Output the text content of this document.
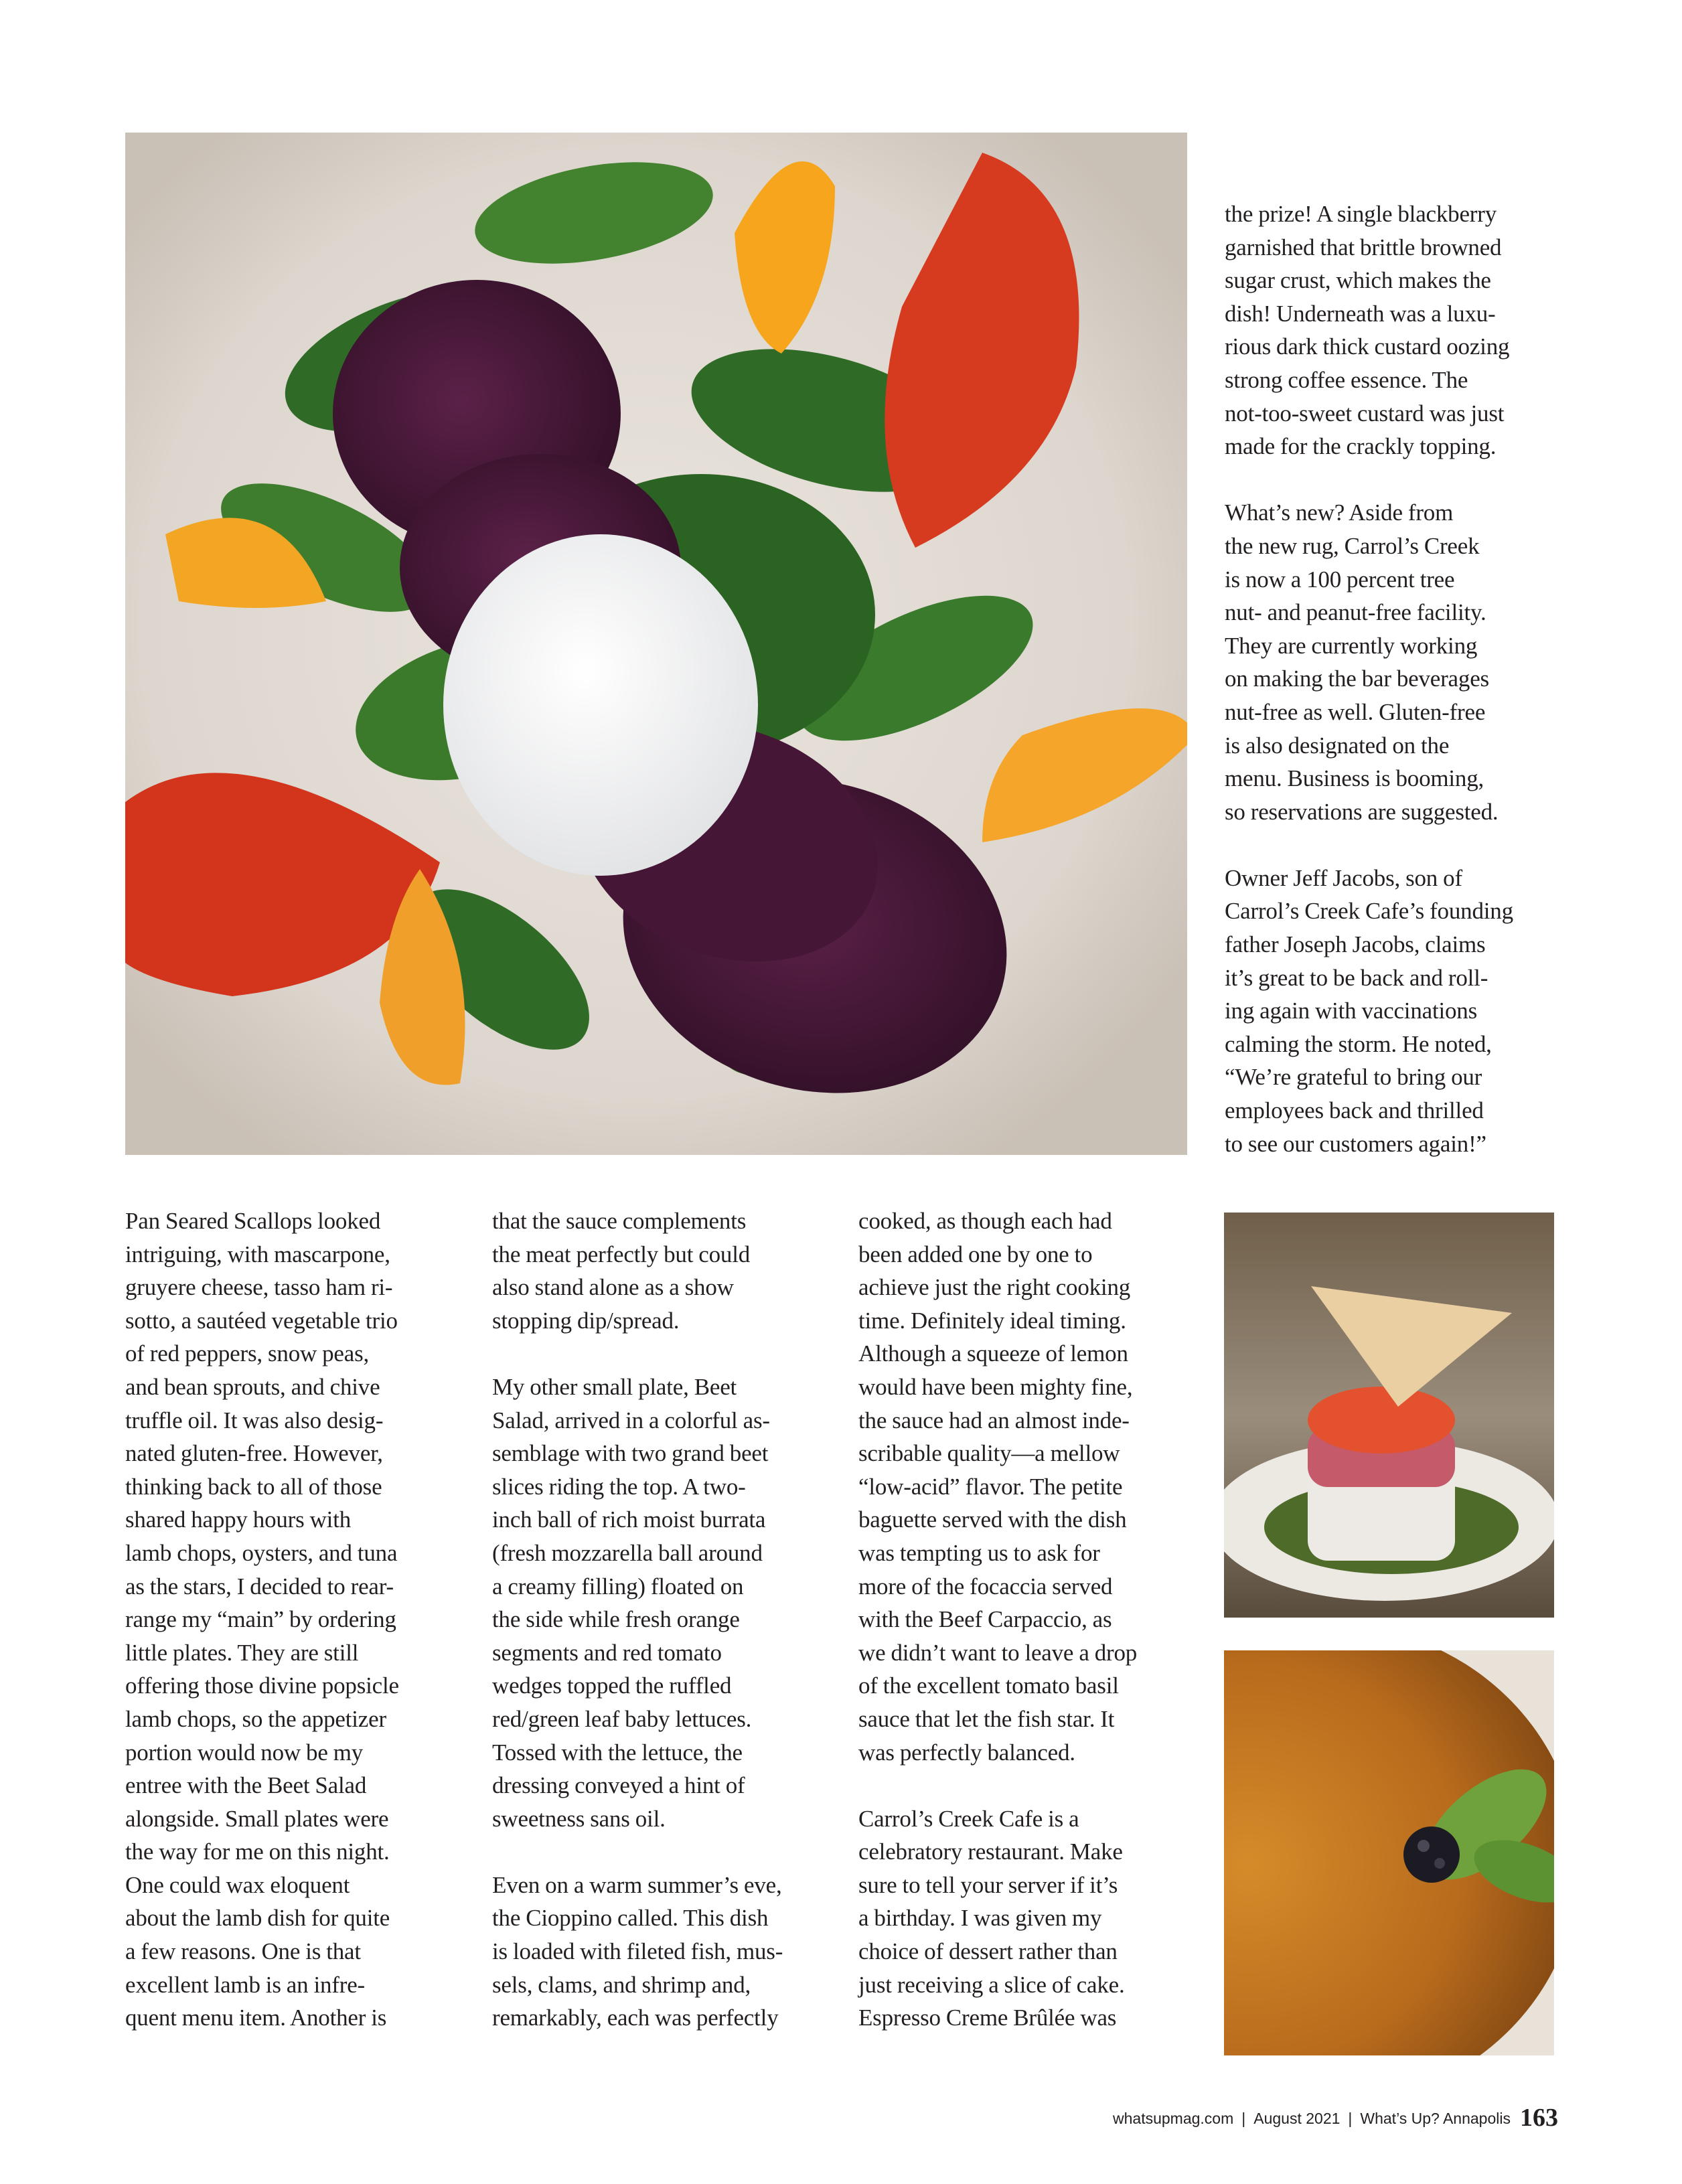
Pan Seared Scallops looked
intriguing, with mascarpone,
gruyere cheese, tasso ham ri-
sotto, a sautéed vegetable trio
of red peppers, snow peas,
and bean sprouts, and chive
truffle oil. It was also desig-
nated gluten-free. However,
thinking back to all of those
shared happy hours with
lamb chops, oysters, and tuna
as the stars, I decided to rear-
range my “main” by ordering
little plates. They are still
offering those divine popsicle
lamb chops, so the appetizer
portion would now be my
entree with the Beet Salad
alongside. Small plates were
the way for me on this night.
One could wax eloquent
about the lamb dish for quite
a few reasons. One is that
excellent lamb is an infre-
quent menu item. Another is

that the sauce complements
the meat perfectly but could
also stand alone as a show
stopping dip/spread.

My other small plate, Beet
Salad, arrived in a colorful as-
semblage with two grand beet
slices riding the top. A two-
inch ball of rich moist burrata
(fresh mozzarella ball around
a creamy filling) floated on
the side while fresh orange
segments and red tomato
wedges topped the ruffled
red/green leaf baby lettuces.
Tossed with the lettuce, the
dressing conveyed a hint of
sweetness sans oil.

Even on a warm summer’s eve,
the Cioppino called. This dish
is loaded with fileted fish, mus-
sels, clams, and shrimp and,
remarkably, each was perfectly

cooked, as though each had
been added one by one to
achieve just the right cooking
time. Definitely ideal timing.
Although a squeeze of lemon
would have been mighty fine,
the sauce had an almost inde-
scribable quality—a mellow
“low-acid” flavor. The petite
baguette served with the dish
was tempting us to ask for
more of the focaccia served
with the Beef Carpaccio, as
we didn’t want to leave a drop
of the excellent tomato basil
sauce that let the fish star. It
was perfectly balanced.

Carrol’s Creek Cafe is a
celebratory restaurant. Make
sure to tell your server if it’s
a birthday. I was given my
choice of dessert rather than
just receiving a slice of cake.
Espresso Creme Brûlée was

the prize! A single blackberry
garnished that brittle browned
sugar crust, which makes the
dish! Underneath was a luxu-
rious dark thick custard oozing
strong coffee essence. The
not-too-sweet custard was just
made for the crackly topping.

What’s new? Aside from
the new rug, Carrol’s Creek
is now a 100 percent tree
nut- and peanut-free facility.
They are currently working
on making the bar beverages
nut-free as well. Gluten-free
is also designated on the
menu. Business is booming,
so reservations are suggested.

Owner Jeff Jacobs, son of
Carrol’s Creek Cafe’s founding
father Joseph Jacobs, claims
it’s great to be back and roll-
ing again with vaccinations
calming the storm. He noted,
“We’re grateful to bring our
employees back and thrilled
to see our customers again!”

whatsupmag.com | August 2021 | What’s Up? Annapolis 163
